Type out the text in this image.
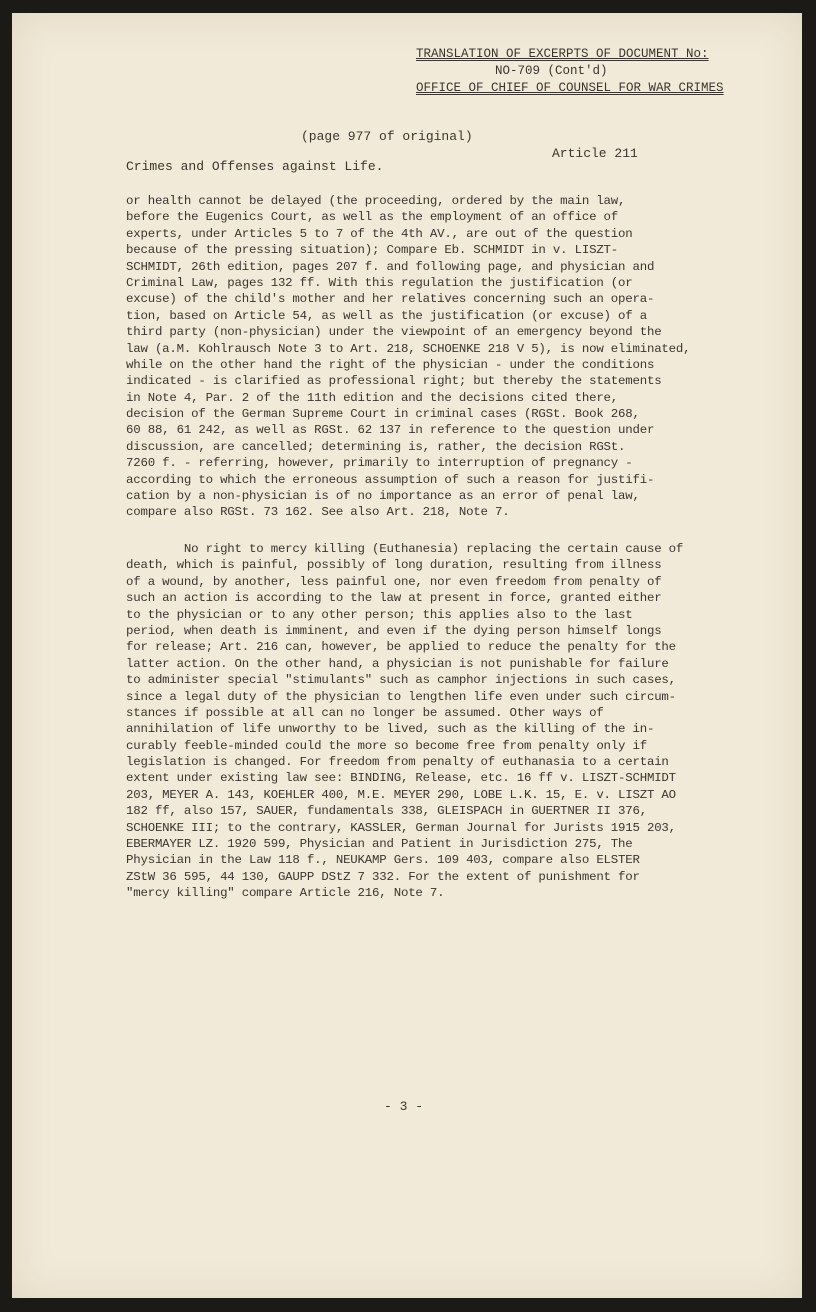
TRANSLATION OF EXCERPTS OF DOCUMENT No:
NO-709 (Cont'd)
OFFICE OF CHIEF OF COUNSEL FOR WAR CRIMES
(page 977 of original)
Article 211
Crimes and Offenses against Life.
or health cannot be delayed (the proceeding, ordered by the main law,
before the Eugenics Court, as well as the employment of an office of
experts, under Articles 5 to 7 of the 4th AV., are out of the question
because of the pressing situation); Compare Eb. SCHMIDT in v. LISZT-
SCHMIDT, 26th edition, pages 207 f. and following page, and physician and
Criminal Law, pages 132 ff. With this regulation the justification (or
excuse) of the child's mother and her relatives concerning such an opera-
tion, based on Article 54, as well as the justification (or excuse) of a
third party (non-physician) under the viewpoint of an emergency beyond the
law (a.M. Kohlrausch Note 3 to Art. 218, SCHOENKE 218 V 5), is now eliminated,
while on the other hand the right of the physician - under the conditions
indicated - is clarified as professional right; but thereby the statements
in Note 4, Par. 2 of the 11th edition and the decisions cited there,
decision of the German Supreme Court in criminal cases (RGSt. Book 268,
60 88, 61 242, as well as RGSt. 62 137 in reference to the question under
discussion, are cancelled; determining is, rather, the decision RGSt.
7260 f. - referring, however, primarily to interruption of pregnancy -
according to which the erroneous assumption of such a reason for justifi-
cation by a non-physician is of no importance as an error of penal law,
compare also RGSt. 73 162. See also Art. 218, Note 7.
No right to mercy killing (Euthanesia) replacing the certain cause of
death, which is painful, possibly of long duration, resulting from illness
of a wound, by another, less painful one, nor even freedom from penalty of
such an action is according to the law at present in force, granted either
to the physician or to any other person; this applies also to the last
period, when death is imminent, and even if the dying person himself longs
for release; Art. 216 can, however, be applied to reduce the penalty for the
latter action. On the other hand, a physician is not punishable for failure
to administer special "stimulants" such as camphor injections in such cases,
since a legal duty of the physician to lengthen life even under such circum-
stances if possible at all can no longer be assumed. Other ways of
annihilation of life unworthy to be lived, such as the killing of the in-
curably feeble-minded could the more so become free from penalty only if
legislation is changed. For freedom from penalty of euthanasia to a certain
extent under existing law see: BINDING, Release, etc. 16 ff v. LISZT-SCHMIDT
203, MEYER A. 143, KOEHLER 400, M.E. MEYER 290, LOBE L.K. 15, E. v. LISZT AO
182 ff, also 157, SAUER, fundamentals 338, GLEISPACH in GUERTNER II 376,
SCHOENKE III; to the contrary, KASSLER, German Journal for Jurists 1915 203,
EBERMAYER LZ. 1920 599, Physician and Patient in Jurisdiction 275, The
Physician in the Law 118 f., NEUKAMP Gers. 109 403, compare also ELSTER
ZStW 36 595, 44 130, GAUPP DStZ 7 332. For the extent of punishment for
"mercy killing" compare Article 216, Note 7.
- 3 -
